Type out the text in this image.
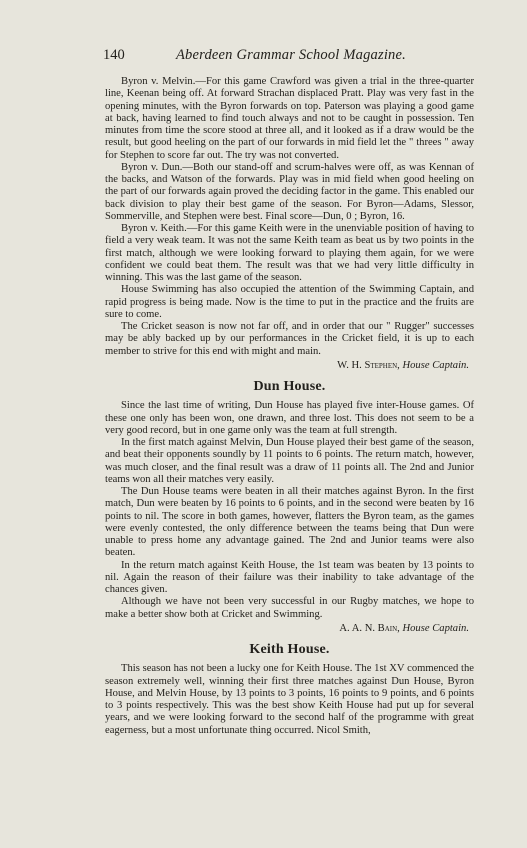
140	Aberdeen Grammar School Magazine.

Byron v. Melvin.—For this game Crawford was given a trial in the three-quarter line, Keenan being off. At forward Strachan displaced Pratt. Play was very fast in the opening minutes, with the Byron forwards on top. Paterson was playing a good game at back, having learned to find touch always and not to be caught in possession. Ten minutes from time the score stood at three all, and it looked as if a draw would be the result, but good heeling on the part of our forwards in mid field let the " threes " away for Stephen to score far out. The try was not converted.

Byron v. Dun.—Both our stand-off and scrum-halves were off, as was Kennan of the backs, and Watson of the forwards. Play was in mid field when good heeling on the part of our forwards again proved the deciding factor in the game. This enabled our back division to play their best game of the season. For Byron—Adams, Slessor, Sommerville, and Stephen were best. Final score—Dun, 0 ; Byron, 16.

Byron v. Keith.—For this game Keith were in the unenviable position of having to field a very weak team. It was not the same Keith team as beat us by two points in the first match, although we were looking forward to playing them again, for we were confident we could beat them. The result was that we had very little difficulty in winning. This was the last game of the season.

House Swimming has also occupied the attention of the Swimming Captain, and rapid progress is being made. Now is the time to put in the practice and the fruits are sure to come.

The Cricket season is now not far off, and in order that our " Rugger" successes may be ably backed up by our performances in the Cricket field, it is up to each member to strive for this end with might and main.

W. H. Stephen, House Captain.
Dun House.

Since the last time of writing, Dun House has played five inter-House games. Of these one only has been won, one drawn, and three lost. This does not seem to be a very good record, but in one game only was the team at full strength.

In the first match against Melvin, Dun House played their best game of the season, and beat their opponents soundly by 11 points to 6 points. The return match, however, was much closer, and the final result was a draw of 11 points all. The 2nd and Junior teams won all their matches very easily.

The Dun House teams were beaten in all their matches against Byron. In the first match, Dun were beaten by 16 points to 6 points, and in the second were beaten by 16 points to nil. The score in both games, however, flatters the Byron team, as the games were evenly contested, the only difference between the teams being that Dun were unable to press home any advantage gained. The 2nd and Junior teams were also beaten.

In the return match against Keith House, the 1st team was beaten by 13 points to nil. Again the reason of their failure was their inability to take advantage of the chances given.

Although we have not been very successful in our Rugby matches, we hope to make a better show both at Cricket and Swimming.

A. A. N. Bain, House Captain.
Keith House.

This season has not been a lucky one for Keith House. The 1st XV commenced the season extremely well, winning their first three matches against Dun House, Byron House, and Melvin House, by 13 points to 3 points, 16 points to 9 points, and 6 points to 3 points respectively. This was the best show Keith House had put up for several years, and we were looking forward to the second half of the programme with great eagerness, but a most unfortunate thing occurred. Nicol Smith,
